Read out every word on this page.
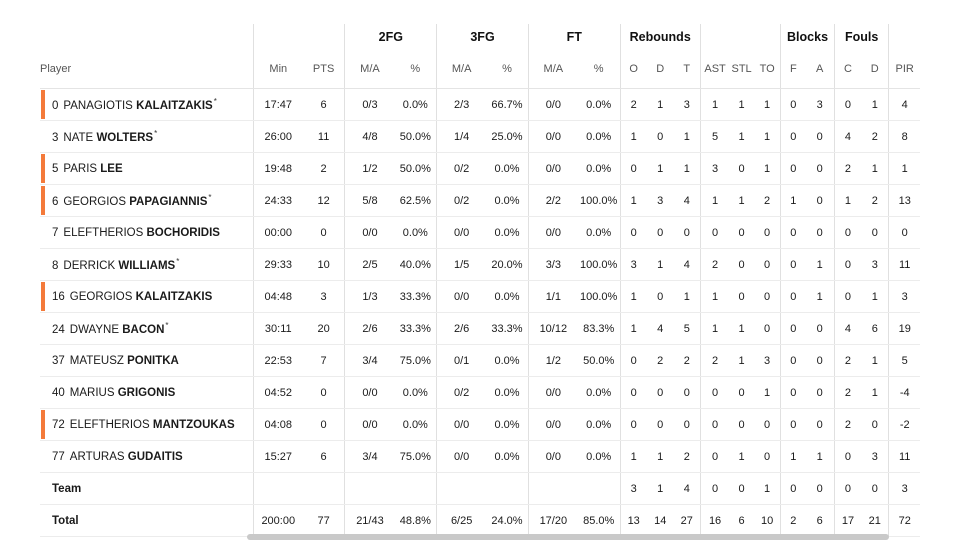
			2FG		3FG		FT		Rebounds						Blocks		Fouls		
Player	Min	PTS	M/A	%	M/A	%	M/A	%	O	D	T	AST	STL	TO	F	A	C	D	PIR

0 PANAGIOTIS KALAITZAKIS*	17:47	6	0/3	0.0%	2/3	66.7%	0/0	0.0%	2	1	3	1	1	1	0	3	0	1	4

3 NATE WOLTERS*	26:00	11	4/8	50.0%	1/4	25.0%	0/0	0.0%	1	0	1	5	1	1	0	0	4	2	8

5 PARIS LEE	19:48	2	1/2	50.0%	0/2	0.0%	0/0	0.0%	0	1	1	3	0	1	0	0	2	1	1

6 GEORGIOS PAPAGIANNIS*	24:33	12	5/8	62.5%	0/2	0.0%	2/2	100.0%	1	3	4	1	1	2	1	0	1	2	13

7 ELEFTHERIOS BOCHORIDIS	00:00	0	0/0	0.0%	0/0	0.0%	0/0	0.0%	0	0	0	0	0	0	0	0	0	0	0

8 DERRICK WILLIAMS*	29:33	10	2/5	40.0%	1/5	20.0%	3/3	100.0%	3	1	4	2	0	0	0	1	0	3	11

16 GEORGIOS KALAITZAKIS	04:48	3	1/3	33.3%	0/0	0.0%	1/1	100.0%	1	0	1	1	0	0	0	1	0	1	3

24 DWAYNE BACON*	30:11	20	2/6	33.3%	2/6	33.3%	10/12	83.3%	1	4	5	1	1	0	0	0	4	6	19

37 MATEUSZ PONITKA	22:53	7	3/4	75.0%	0/1	0.0%	1/2	50.0%	0	2	2	2	1	3	0	0	2	1	5

40 MARIUS GRIGONIS	04:52	0	0/0	0.0%	0/2	0.0%	0/0	0.0%	0	0	0	0	0	1	0	0	2	1	-4

72 ELEFTHERIOS MANTZOUKAS	04:08	0	0/0	0.0%	0/0	0.0%	0/0	0.0%	0	0	0	0	0	0	0	0	2	0	-2

77 ARTURAS GUDAITIS	15:27	6	3/4	75.0%	0/0	0.0%	0/0	0.0%	1	1	2	0	1	0	1	1	0	3	11

Team									3	1	4	0	0	1	0	0	0	0	3

Total	200:00	77	21/43	48.8%	6/25	24.0%	17/20	85.0%	13	14	27	16	6	10	2	6	17	21	72
